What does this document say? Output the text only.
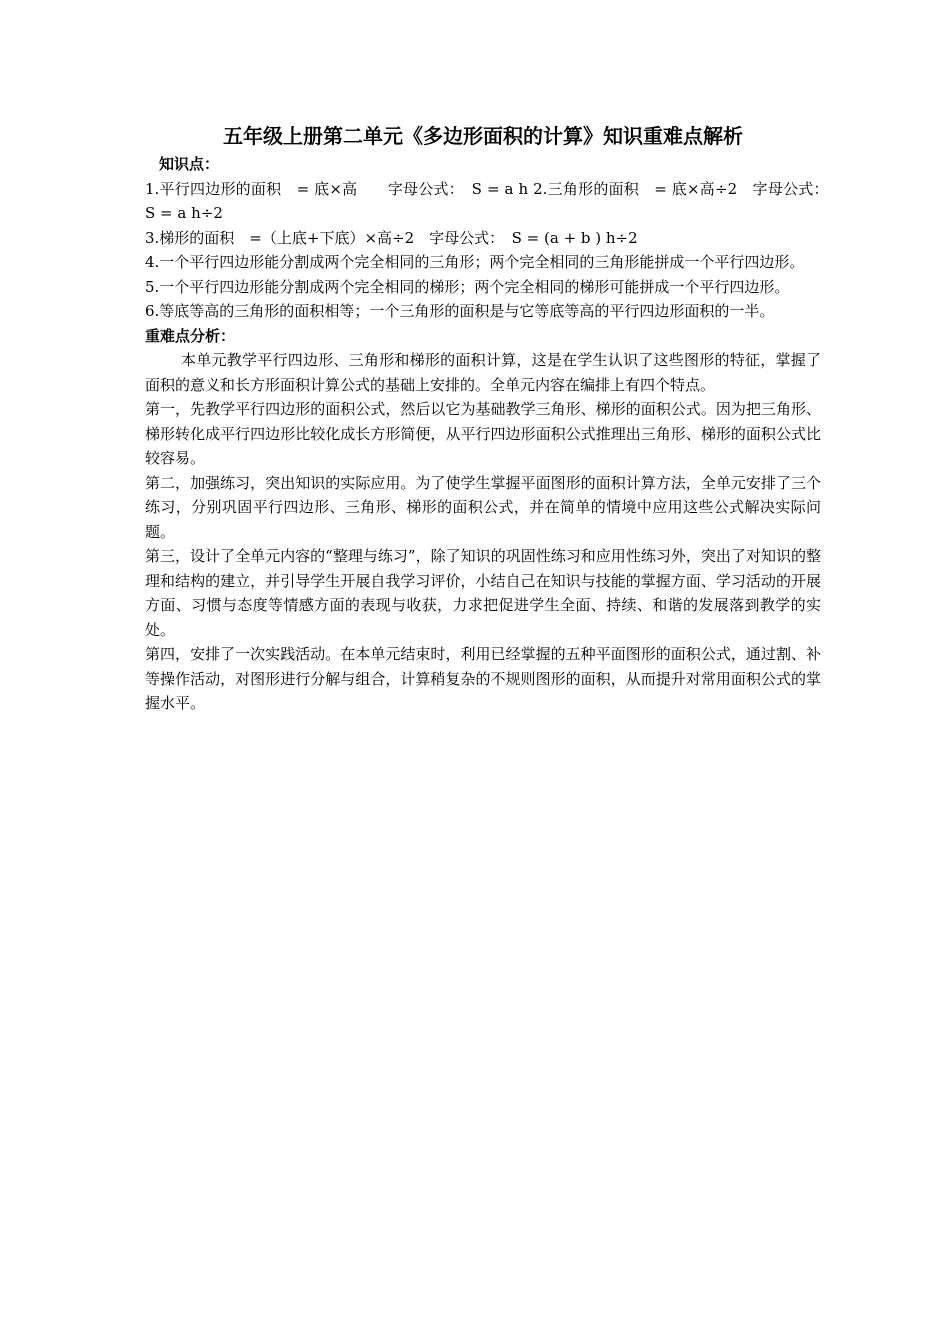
五年级上册第二单元《多边形面积的计算》知识重难点解析
知识点：

1.平行四边形的面积　= 底×高　　字母公式：　S = a h 2.三角形的面积　= 底×高÷2　字母公式：　S = a h÷2

3.梯形的面积　=（上底+下底）×高÷2　字母公式：　S = (a + b ) h÷2

4.一个平行四边形能分割成两个完全相同的三角形；两个完全相同的三角形能拼成一个平行四边形。

5.一个平行四边形能分割成两个完全相同的梯形；两个完全相同的梯形可能拼成一个平行四边形。

6.等底等高的三角形的面积相等；一个三角形的面积是与它等底等高的平行四边形面积的一半。

重难点分析：

本单元教学平行四边形、三角形和梯形的面积计算，这是在学生认识了这些图形的特征，掌握了面积的意义和长方形面积计算公式的基础上安排的。全单元内容在编排上有四个特点。

第一，先教学平行四边形的面积公式，然后以它为基础教学三角形、梯形的面积公式。因为把三角形、梯形转化成平行四边形比较化成长方形简便，从平行四边形面积公式推理出三角形、梯形的面积公式比较容易。

第二，加强练习，突出知识的实际应用。为了使学生掌握平面图形的面积计算方法，全单元安排了三个练习，分别巩固平行四边形、三角形、梯形的面积公式，并在简单的情境中应用这些公式解决实际问题。

第三，设计了全单元内容的“整理与练习”，除了知识的巩固性练习和应用性练习外，突出了对知识的整理和结构的建立，并引导学生开展自我学习评价，小结自己在知识与技能的掌握方面、学习活动的开展方面、习惯与态度等情感方面的表现与收获，力求把促进学生全面、持续、和谐的发展落到教学的实处。

第四，安排了一次实践活动。在本单元结束时，利用已经掌握的五种平面图形的面积公式，通过割、补等操作活动，对图形进行分解与组合，计算稍复杂的不规则图形的面积，从而提升对常用面积公式的掌握水平。
